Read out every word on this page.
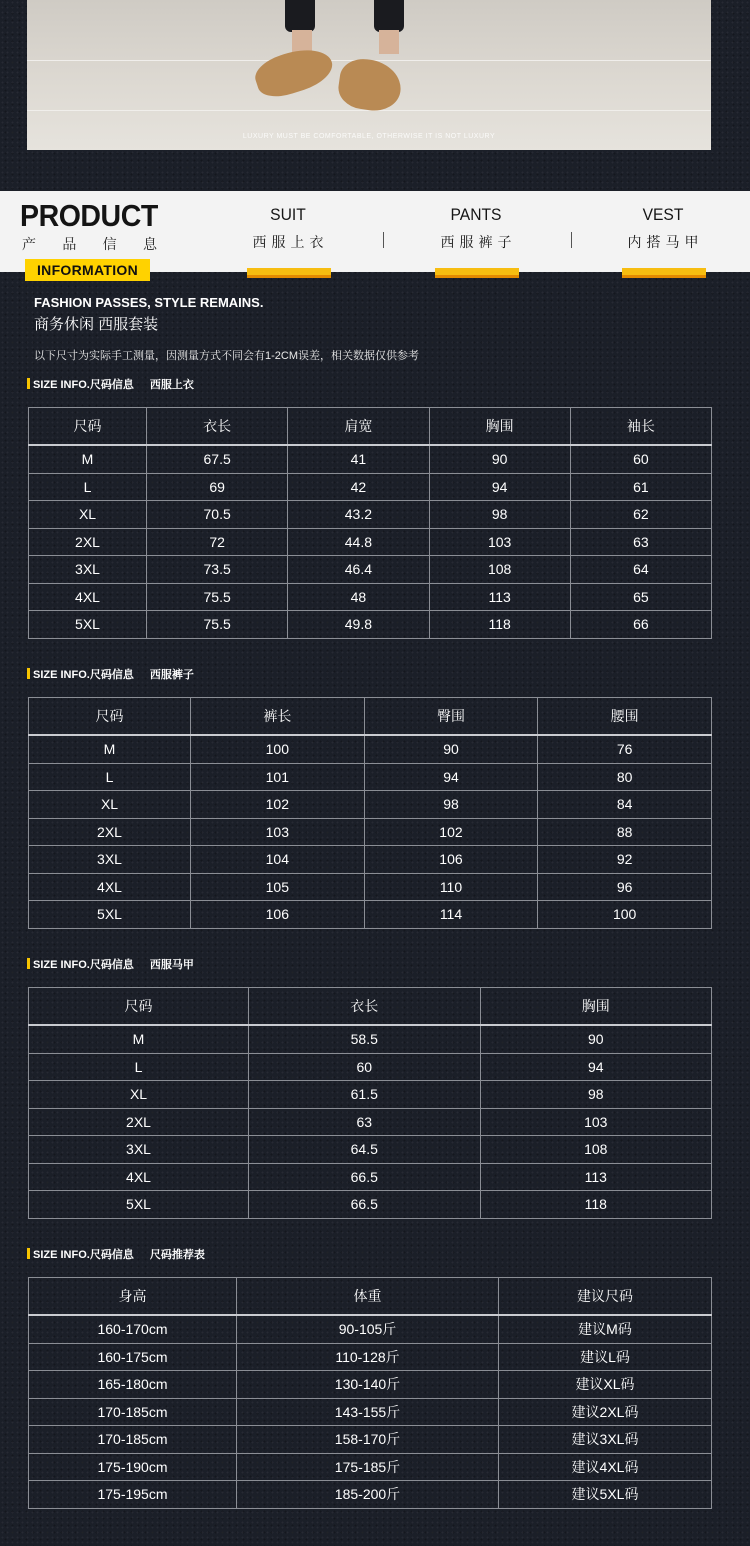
LUXURY MUST BE COMFORTABLE, OTHERWISE IT IS NOT LUXURY
PRODUCT
产 品 信 息
INFORMATION
SUIT
西服上衣
PANTS
西服裤子
VEST
内搭马甲
FASHION PASSES, STYLE REMAINS.
商务休闲 西服套装
以下尺寸为实际手工测量，因测量方式不同会有1-2CM误差，相关数据仅供参考
SIZE INFO.尺码信息 西服上衣
尺码	衣长	肩宽	胸围	袖长
M	67.5	41	90	60
L	69	42	94	61
XL	70.5	43.2	98	62
2XL	72	44.8	103	63
3XL	73.5	46.4	108	64
4XL	75.5	48	113	65
5XL	75.5	49.8	118	66
SIZE INFO.尺码信息 西服裤子
尺码	裤长	臀围	腰围
M	100	90	76
L	101	94	80
XL	102	98	84
2XL	103	102	88
3XL	104	106	92
4XL	105	110	96
5XL	106	114	100
SIZE INFO.尺码信息 西服马甲
尺码	衣长	胸围
M	58.5	90
L	60	94
XL	61.5	98
2XL	63	103
3XL	64.5	108
4XL	66.5	113
5XL	66.5	118
SIZE INFO.尺码信息 尺码推荐表
身高	体重	建议尺码
160-170cm	90-105斤	建议M码
160-175cm	110-128斤	建议L码
165-180cm	130-140斤	建议XL码
170-185cm	143-155斤	建议2XL码
170-185cm	158-170斤	建议3XL码
175-190cm	175-185斤	建议4XL码
175-195cm	185-200斤	建议5XL码
